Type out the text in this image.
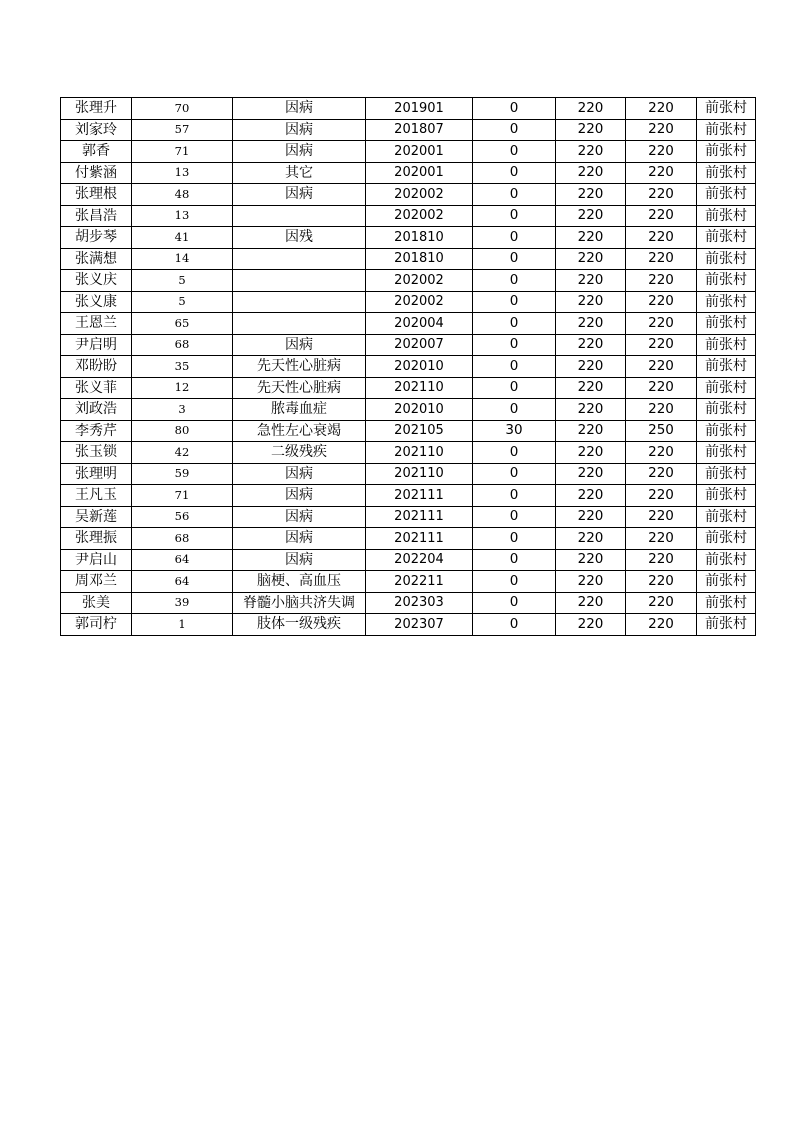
张理升	70	因病	201901	0	220	220	前张村
刘家玲	57	因病	201807	0	220	220	前张村
郭香	71	因病	202001	0	220	220	前张村
付紫涵	13	其它	202001	0	220	220	前张村
张理根	48	因病	202002	0	220	220	前张村
张昌浩	13		202002	0	220	220	前张村
胡步琴	41	因残	201810	0	220	220	前张村
张满想	14		201810	0	220	220	前张村
张义庆	5		202002	0	220	220	前张村
张义康	5		202002	0	220	220	前张村
王恩兰	65		202004	0	220	220	前张村
尹启明	68	因病	202007	0	220	220	前张村
邓盼盼	35	先天性心脏病	202010	0	220	220	前张村
张义菲	12	先天性心脏病	202110	0	220	220	前张村
刘政浩	3	脓毒血症	202010	0	220	220	前张村
李秀芹	80	急性左心衰竭	202105	30	220	250	前张村
张玉锁	42	二级残疾	202110	0	220	220	前张村
张理明	59	因病	202110	0	220	220	前张村
王凡玉	71	因病	202111	0	220	220	前张村
吴新莲	56	因病	202111	0	220	220	前张村
张理振	68	因病	202111	0	220	220	前张村
尹启山	64	因病	202204	0	220	220	前张村
周邓兰	64	脑梗、高血压	202211	0	220	220	前张村
张美	39	脊髓小脑共济失调	202303	0	220	220	前张村
郭司柠	1	肢体一级残疾	202307	0	220	220	前张村
